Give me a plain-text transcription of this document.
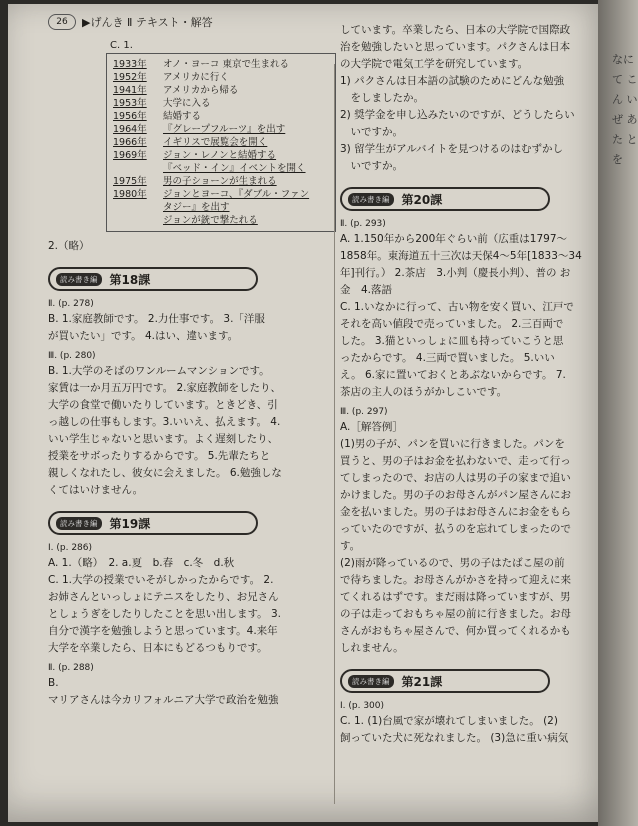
26	▶げんき Ⅱ テキスト・解答
C. 1.
1933年	オノ・ヨーコ 東京で生まれる
1952年	アメリカに行く
1941年	アメリカから帰る
1953年	大学に入る
1956年	結婚する
1964年	『グレープフルーツ』を出す
1966年	イギリスで展覧会を開く
1969年	ジョン・レノンと結婚する
『ベッド・イン』イベントを開く
1975年	男の子ショーンが生まれる
1980年	ジョンとヨーコ、『ダブル・ファン
タジー』を出す
ジョンが銃で撃たれる
2.（略）
読み書き編	第18課
Ⅱ. (p. 278)
B. 1.家庭教師です。 2.力仕事です。 3.「洋服
が買いたい」です。 4.はい、違います。
Ⅲ. (p. 280)
B. 1.大学のそばのワンルームマンションです。
家賃は一か月五万円です。 2.家庭教師をしたり、
大学の食堂で働いたりしています。ときどき、引
っ越しの仕事もします。3.いいえ、払えます。 4.
いい学生じゃないと思います。よく遅刻したり、
授業をサボったりするからです。 5.先輩たちと
親しくなれたし、彼女に会えました。 6.勉強しな
くてはいけません。
読み書き編	第19課
Ⅰ. (p. 286)
A. 1.（略）　2. a.夏　b.春　c.冬　d.秋
C. 1.大学の授業でいそがしかったからです。 2.
お姉さんといっしょにテニスをしたり、お兄さん
としょうぎをしたりしたことを思い出します。 3.
自分で漢字を勉強しようと思っています。4.来年
大学を卒業したら、日本にもどるつもりです。
Ⅱ. (p. 288)
B.
マリアさんは今カリフォルニア大学で政治を勉強
しています。卒業したら、日本の大学院で国際政
治を勉強したいと思っています。パクさんは日本
の大学院で電気工学を研究しています。
1) パクさんは日本語の試験のためにどんな勉強
　をしましたか。
2) 奨学金を申し込みたいのですが、どうしたらい
　いですか。
3) 留学生がアルバイトを見つけるのはむずかし
　いですか。
読み書き編	第20課
Ⅱ. (p. 293)
A. 1.150年から200年ぐらい前（広重は1797～
1858年。東海道五十三次は天保4～5年[1833～34
年]刊行。） 2.茶店　3.小判（慶長小判）、普の お
金　4.落語
C. 1.いなかに行って、古い物を安く買い、江戸で
それを高い値段で売っていました。 2.三百両で
した。 3.猫といっしょに皿も持っていこうと思
ったからです。 4.三両で買いました。 5.いい
え。 6.家に置いておくとあぶないからです。 7.
茶店の主人のほうがかしこいです。
Ⅲ. (p. 297)
A.［解答例］
(1)男の子が、パンを買いに行きました。パンを
買うと、男の子はお金を払わないで、走って行っ
てしまったので、お店の人は男の子の家まで追い
かけました。男の子のお母さんがパン屋さんにお
金を払いました。男の子はお母さんにお金をもら
っていたのですが、払うのを忘れてしまったので
す。
(2)雨が降っているので、男の子はたばこ屋の前
で待ちました。お母さんがかさを持って迎えに来
てくれるはずです。まだ雨は降っていますが、男
の子は走っておもちゃ屋の前に行きました。お母
さんがおもちゃ屋さんで、何か買ってくれるかも
しれません。
読み書き編	第21課
Ⅰ. (p. 300)
C. 1. (1)台風で家が壊れてしまいました。 (2)
飼っていた犬に死なれました。 (3)急に重い病気
なにて こ ん い ぜ あ た と を
